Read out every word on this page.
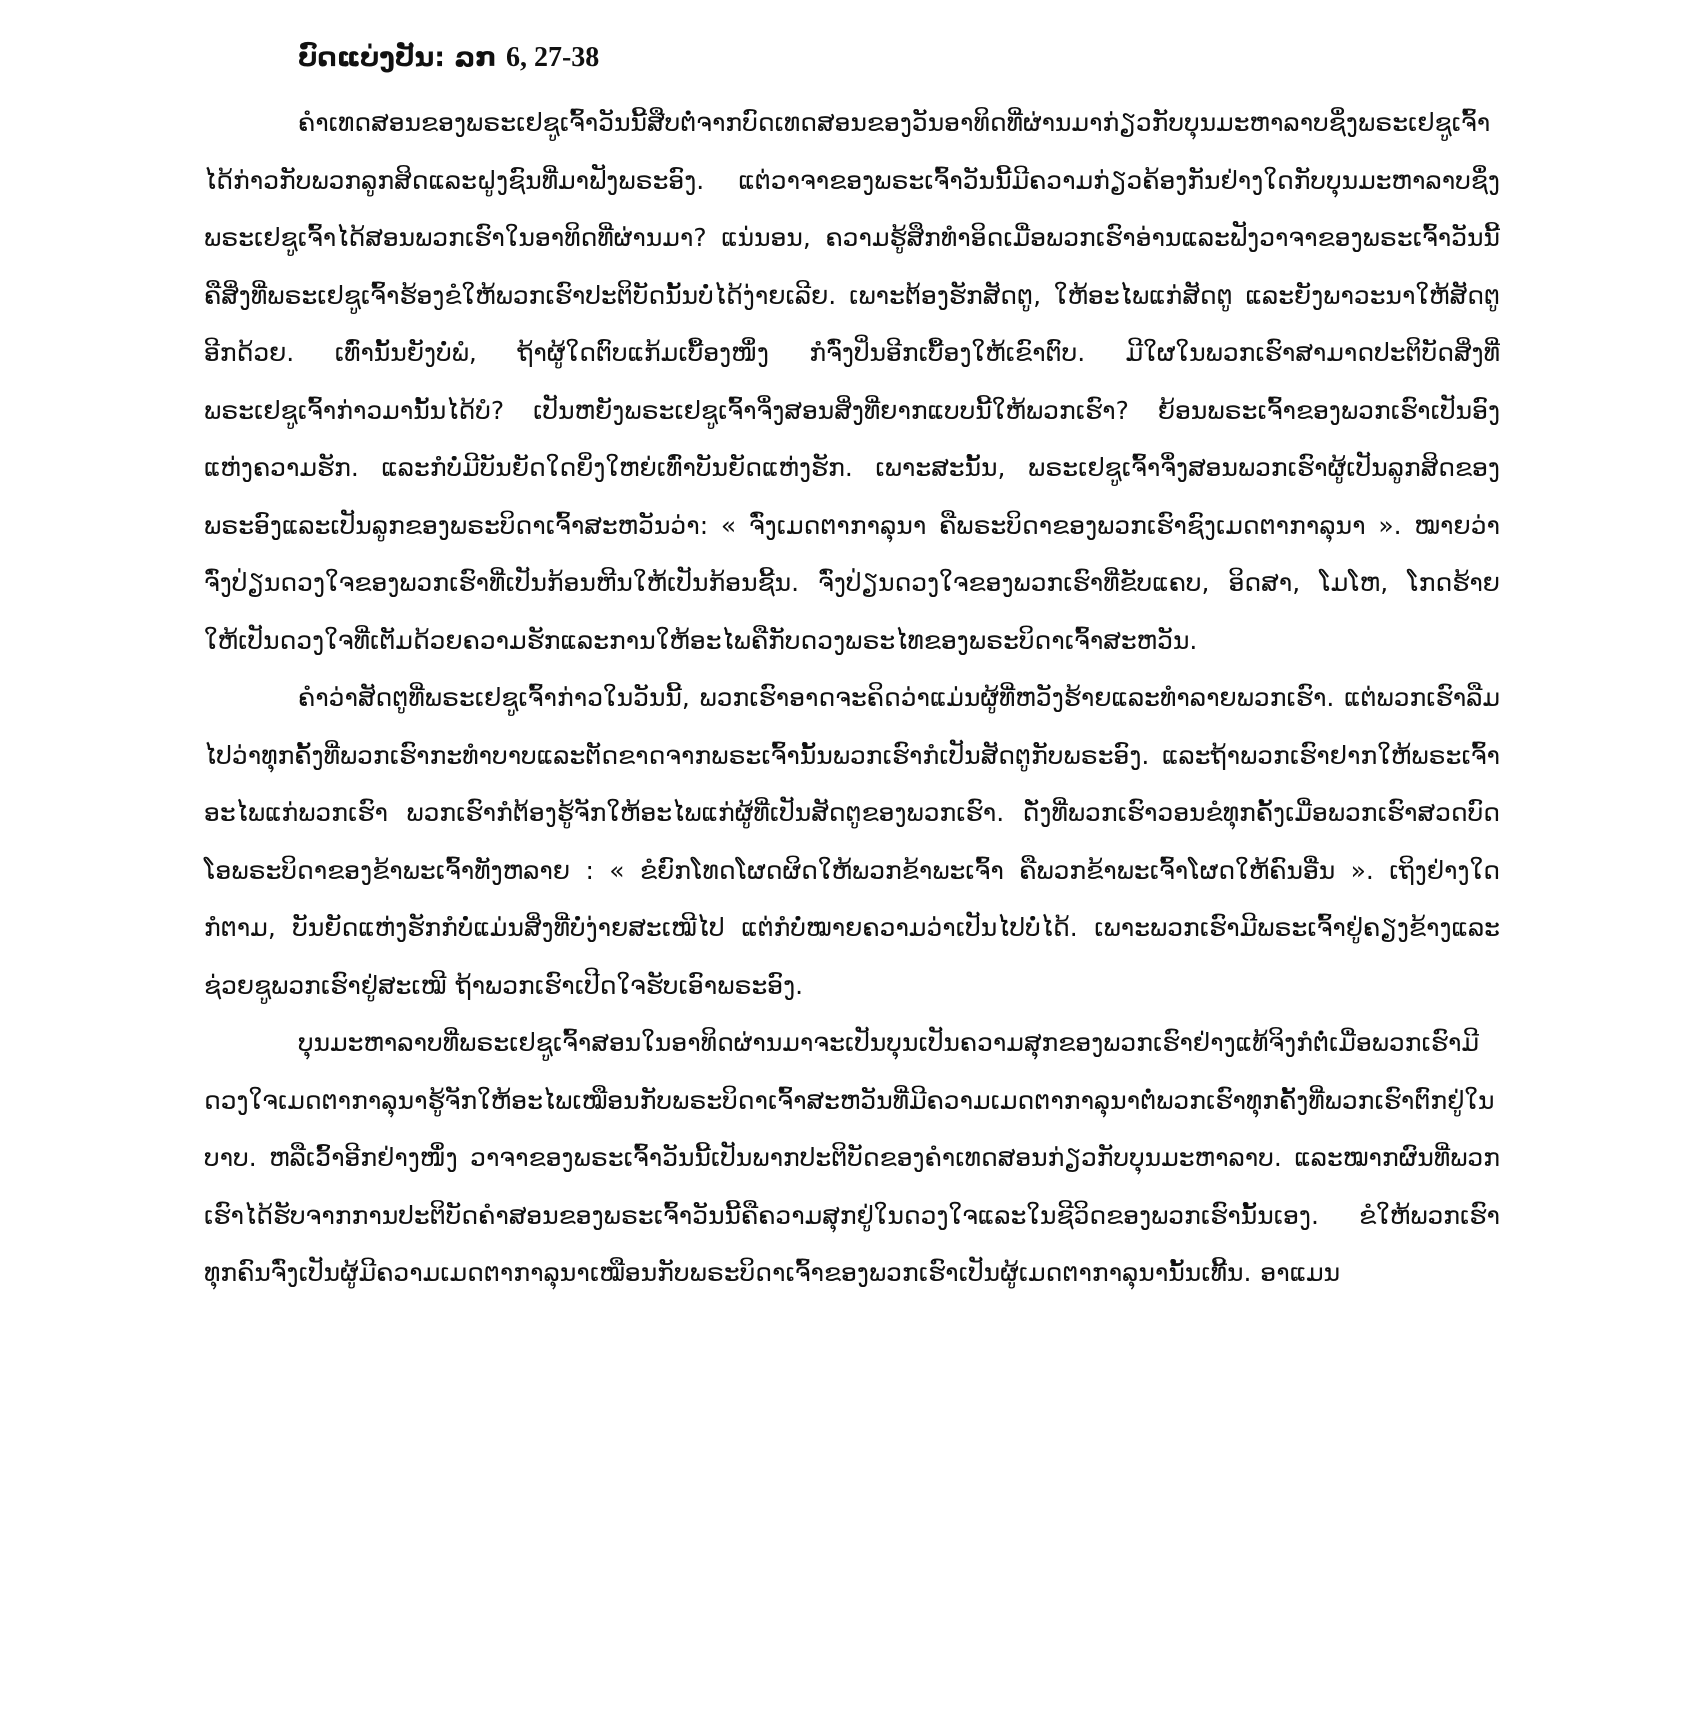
ບົດແບ່ງປັນ: ລກ 6, 27-38

ຄຳເທດສອນຂອງພຣະເຢຊູເຈົ້າວັນນີ້ສືບຕໍ່ຈາກບົດເທດສອນຂອງວັນອາທິດທີ່ຜ່ານມາກ່ຽວກັບບຸນມະຫາລາບຊຶ່ງພຣະເຢຊູເຈົ້າໄດ້ກ່າວກັບພວກລູກສິດແລະຝູງຊົນທີ່ມາຟັງພຣະອົງ. ແຕ່ວາຈາຂອງພຣະເຈົ້າວັນນີ້ມີຄວາມກ່ຽວຄ້ອງກັນຢ່າງໃດກັບບຸນມະຫາລາບຊຶ່ງພຣະເຢຊູເຈົ້າໄດ້ສອນພວກເຮົາໃນອາທິດທີ່ຜ່ານມາ? ແນ່ນອນ, ຄວາມຮູ້ສຶກທຳອິດເມື່ອພວກເຮົາອ່ານແລະຟັງວາຈາຂອງພຣະເຈົ້າວັນນີ້ຄືສິ່ງທີ່ພຣະເຢຊູເຈົ້າຮ້ອງຂໍໃຫ້ພວກເຮົາປະຕິບັດນັ້ນບໍ່ໄດ້ງ່າຍເລີຍ. ເພາະຕ້ອງຮັກສັດຕູ, ໃຫ້ອະໄພແກ່ສັດຕູ ແລະຍັງພາວະນາໃຫ້ສັດຕູອີກດ້ວຍ. ເທົ່ານັ້ນຍັງບໍ່ພໍ, ຖ້າຜູ້ໃດຕົບແກ້ມເບື້ອງໜຶ່ງ ກໍຈົ່ງປິ່ນອີກເບື້ອງໃຫ້ເຂົາຕົບ. ມີໃຜໃນພວກເຮົາສາມາດປະຕິບັດສິ່ງທີ່ພຣະເຢຊູເຈົ້າກ່າວມານັ້ນໄດ້ບໍ? ເປັນຫຍັງພຣະເຢຊູເຈົ້າຈຶ່ງສອນສິ່ງທີ່ຍາກແບບນີ້ໃຫ້ພວກເຮົາ? ຍ້ອນພຣະເຈົ້າຂອງພວກເຮົາເປັນອົງແຫ່ງຄວາມຮັກ. ແລະກໍບໍ່ມີບັນຍັດໃດຍິ່ງໃຫຍ່ເທົ່າບັນຍັດແຫ່ງຮັກ. ເພາະສະນັ້ນ, ພຣະເຢຊູເຈົ້າຈຶ່ງສອນພວກເຮົາຜູ້ເປັນລູກສິດຂອງພຣະອົງແລະເປັນລູກຂອງພຣະບິດາເຈົ້າສະຫວັນວ່າ: « ຈົ່ງເມດຕາກາລຸນາ ຄືພຣະບິດາຂອງພວກເຮົາຊົງເມດຕາກາລຸນາ ». ໝາຍວ່າຈົ່ງປ່ຽນດວງໃຈຂອງພວກເຮົາທີ່ເປັນກ້ອນຫີນໃຫ້ເປັນກ້ອນຊີ້ນ. ຈົ່ງປ່ຽນດວງໃຈຂອງພວກເຮົາທີ່ຂັບແຄບ, ອິດສາ, ໂມໂຫ, ໂກດຮ້າຍ ໃຫ້ເປັນດວງໃຈທີ່ເຕັມດ້ວຍຄວາມຮັກແລະການໃຫ້ອະໄພຄືກັບດວງພຣະໄທຂອງພຣະບິດາເຈົ້າສະຫວັນ.

ຄຳວ່າສັດຕູທີ່ພຣະເຢຊູເຈົ້າກ່າວໃນວັນນີ້, ພວກເຮົາອາດຈະຄິດວ່າແມ່ນຜູ້ທີ່ຫວັງຮ້າຍແລະທຳລາຍພວກເຮົາ. ແຕ່ພວກເຮົາລືມໄປວ່າທຸກຄັ້ງທີ່ພວກເຮົາກະທຳບາບແລະຕັດຂາດຈາກພຣະເຈົ້ານັ້ນພວກເຮົາກໍເປັນສັດຕູກັບພຣະອົງ. ແລະຖ້າພວກເຮົາຢາກໃຫ້ພຣະເຈົ້າອະໄພແກ່ພວກເຮົາ ພວກເຮົາກໍຕ້ອງຮູ້ຈັກໃຫ້ອະໄພແກ່ຜູ້ທີ່ເປັນສັດຕູຂອງພວກເຮົາ. ດັ່ງທີ່ພວກເຮົາວອນຂໍທຸກຄັ້ງເມື່ອພວກເຮົາສວດບົດໂອພຣະບິດາຂອງຂ້າພະເຈົ້າທັງຫລາຍ : « ຂໍຍົກໂທດໂຜດຜິດໃຫ້ພວກຂ້າພະເຈົ້າ ຄືພວກຂ້າພະເຈົ້າໂຜດໃຫ້ຄົນອື່ນ ». ເຖິງຢ່າງໃດກໍຕາມ, ບັນຍັດແຫ່ງຮັກກໍບໍ່ແມ່ນສິ່ງທີ່ບໍ່ງ່າຍສະເໝີໄປ ແຕ່ກໍບໍ່ໝາຍຄວາມວ່າເປັນໄປບໍ່ໄດ້. ເພາະພວກເຮົາມີພຣະເຈົ້າຢູ່ຄຽງຂ້າງແລະຊ່ວຍຊູພວກເຮົາຢູ່ສະເໝີ ຖ້າພວກເຮົາເປີດໃຈຮັບເອົາພຣະອົງ.

ບຸນມະຫາລາບທີ່ພຣະເຢຊູເຈົ້າສອນໃນອາທິດຜ່ານມາຈະເປັນບຸນເປັນຄວາມສຸກຂອງພວກເຮົາຢ່າງແທ້ຈິງກໍຕໍ່ເມື່ອພວກເຮົາມີດວງໃຈເມດຕາກາລຸນາຮູ້ຈັກໃຫ້ອະໄພເໝືອນກັບພຣະບິດາເຈົ້າສະຫວັນທີ່ມີຄວາມເມດຕາກາລຸນາຕໍ່ພວກເຮົາທຸກຄັ້ງທີ່ພວກເຮົາຕົກຢູ່ໃນບາບ. ຫລືເວົ້າອີກຢ່າງໜຶ່ງ ວາຈາຂອງພຣະເຈົ້າວັນນີ້ເປັນພາກປະຕິບັດຂອງຄຳເທດສອນກ່ຽວກັບບຸນມະຫາລາບ. ແລະໝາກຜົນທີ່ພວກເຮົາໄດ້ຮັບຈາກການປະຕິບັດຄຳສອນຂອງພຣະເຈົ້າວັນນີ້ຄືຄວາມສຸກຢູ່ໃນດວງໃຈແລະໃນຊີວິດຂອງພວກເຮົານັ້ນເອງ. ຂໍໃຫ້ພວກເຮົາທຸກຄົນຈົ່ງເປັນຜູ້ມີຄວາມເມດຕາກາລຸນາເໝືອນກັບພຣະບິດາເຈົ້າຂອງພວກເຮົາເປັນຜູ້ເມດຕາກາລຸນານັ້ນເທີ້ນ. ອາແມນ
